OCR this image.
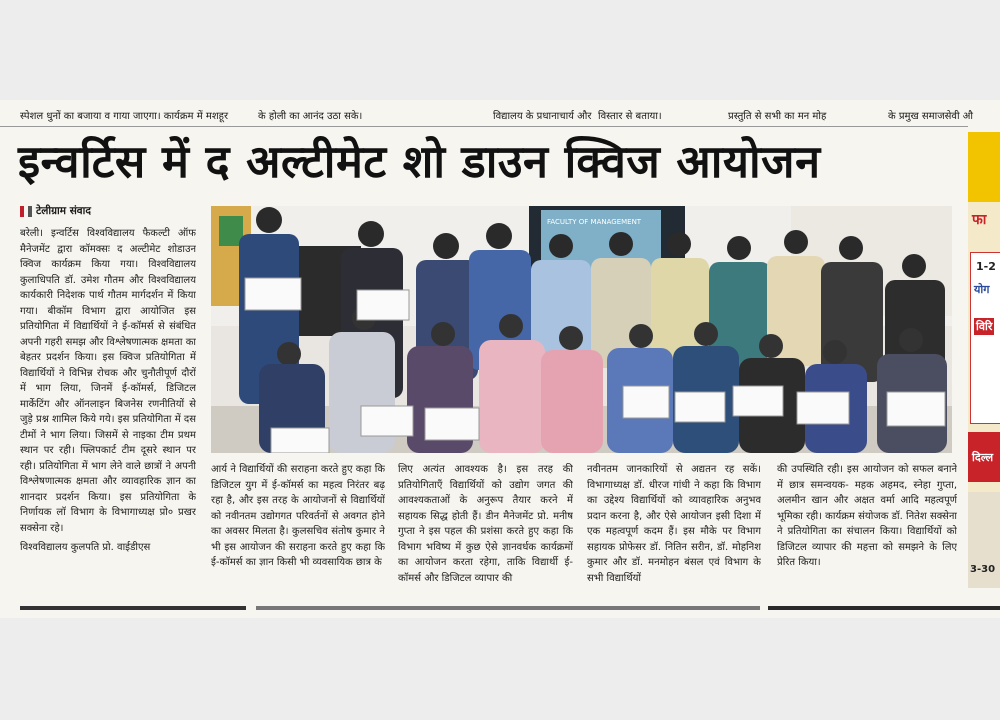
स्पेशल धुनों का बजाया व गाया जाएगा। कार्यक्रम में मशहूर	के होली का आनंद उठा सके।	विद्यालय के प्रधानाचार्य और विस्तार से बताया।	प्रस्तुति से सभी का मन मोह	के प्रमुख समाजसेवी औ
इन्वर्टिस में द अल्टीमेट शो डाउन क्विज आयोजन
टेलीग्राम संवाद
बरेली। इन्वर्टिस विश्वविद्यालय फैकल्टी ऑफ मैनेजमेंट द्वारा कॉमक्सः द अल्टीमेट शोडाउन क्विज कार्यक्रम किया गया। विश्वविद्यालय कुलाधिपति डॉ. उमेश गौतम और विश्वविद्यालय कार्यकारी निदेशक पार्थ गौतम मार्गदर्शन में किया गया। बीकॉम विभाग द्वारा आयोजित इस प्रतियोगिता में विद्यार्थियों ने ई-कॉमर्स से संबंधित अपनी गहरी समझ और विश्लेषणात्मक क्षमता का बेहतर प्रदर्शन किया। इस क्विज प्रतियोगिता में विद्यार्थियों ने विभिन्न रोचक और चुनौतीपूर्ण दौरों में भाग लिया, जिनमें ई-कॉमर्स, डिजिटल मार्केटिंग और ऑनलाइन बिजनेस रणनीतियों से जुड़े प्रश्न शामिल किये गये। इस प्रतियोगिता में दस टीमों ने भाग लिया। जिसमें से नाइका टीम प्रथम स्थान पर रही। फ्लिपकार्ट टीम दूसरे स्थान पर रही। प्रतियोगिता में भाग लेने वाले छात्रों ने अपनी विश्लेषणात्मक क्षमता और व्यावहारिक ज्ञान का शानदार प्रदर्शन किया। इस प्रतियोगिता के निर्णायक लॉ विभाग के विभागाध्यक्ष प्रो० प्रखर सक्सेना रहे।
विश्वविद्यालय कुलपति प्रो. वाईडीएस
FACULTY OF MANAGEMENT
आर्य ने विद्यार्थियों की सराहना करते हुए कहा कि डिजिटल युग में ई-कॉमर्स का महत्व निरंतर बढ़ रहा है, और इस तरह के आयोजनों से विद्यार्थियों को नवीनतम उद्योगगत परिवर्तनों से अवगत होने का अवसर मिलता है। कुलसचिव संतोष कुमार ने भी इस आयोजन की सराहना करते हुए कहा कि ई-कॉमर्स का ज्ञान किसी भी व्यवसायिक छात्र के
लिए अत्यंत आवश्यक है। इस तरह की प्रतियोगिताएँ विद्यार्थियों को उद्योग जगत की आवश्यकताओं के अनुरूप तैयार करने में सहायक सिद्ध होती हैं। डीन मैनेजमेंट प्रो. मनीष गुप्ता ने इस पहल की प्रशंसा करते हुए कहा कि विभाग भविष्य में कुछ ऐसे ज्ञानवर्धक कार्यक्रमों का आयोजन करता रहेगा, ताकि विद्यार्थी ई-कॉमर्स और डिजिटल व्यापार की
नवीनतम जानकारियों से अद्यतन रह सकें। विभागाध्यक्ष डॉ. धीरज गांधी ने कहा कि विभाग का उद्देश्य विद्यार्थियों को व्यावहारिक अनुभव प्रदान करना है, और ऐसे आयोजन इसी दिशा में एक महत्वपूर्ण कदम हैं। इस मौके पर विभाग सहायक प्रोफेसर डॉ. नितिन सरीन, डॉ. मोहनिश कुमार और डॉ. मनमोहन बंसल एवं विभाग के सभी विद्यार्थियों
की उपस्थिति रही। इस आयोजन को सफल बनाने में छात्र समन्वयक- महक अहमद, स्नेहा गुप्ता, अलमीन खान और अक्षत वर्मा आदि महत्वपूर्ण भूमिका रही। कार्यक्रम संयोजक डॉ. नितेश सक्सेना ने प्रतियोगिता का संचालन किया। विद्यार्थियों को डिजिटल व्यापार की महत्ता को समझने के लिए प्रेरित किया।
फा
1-2
योग
विरि
दिल्ल
3-30
